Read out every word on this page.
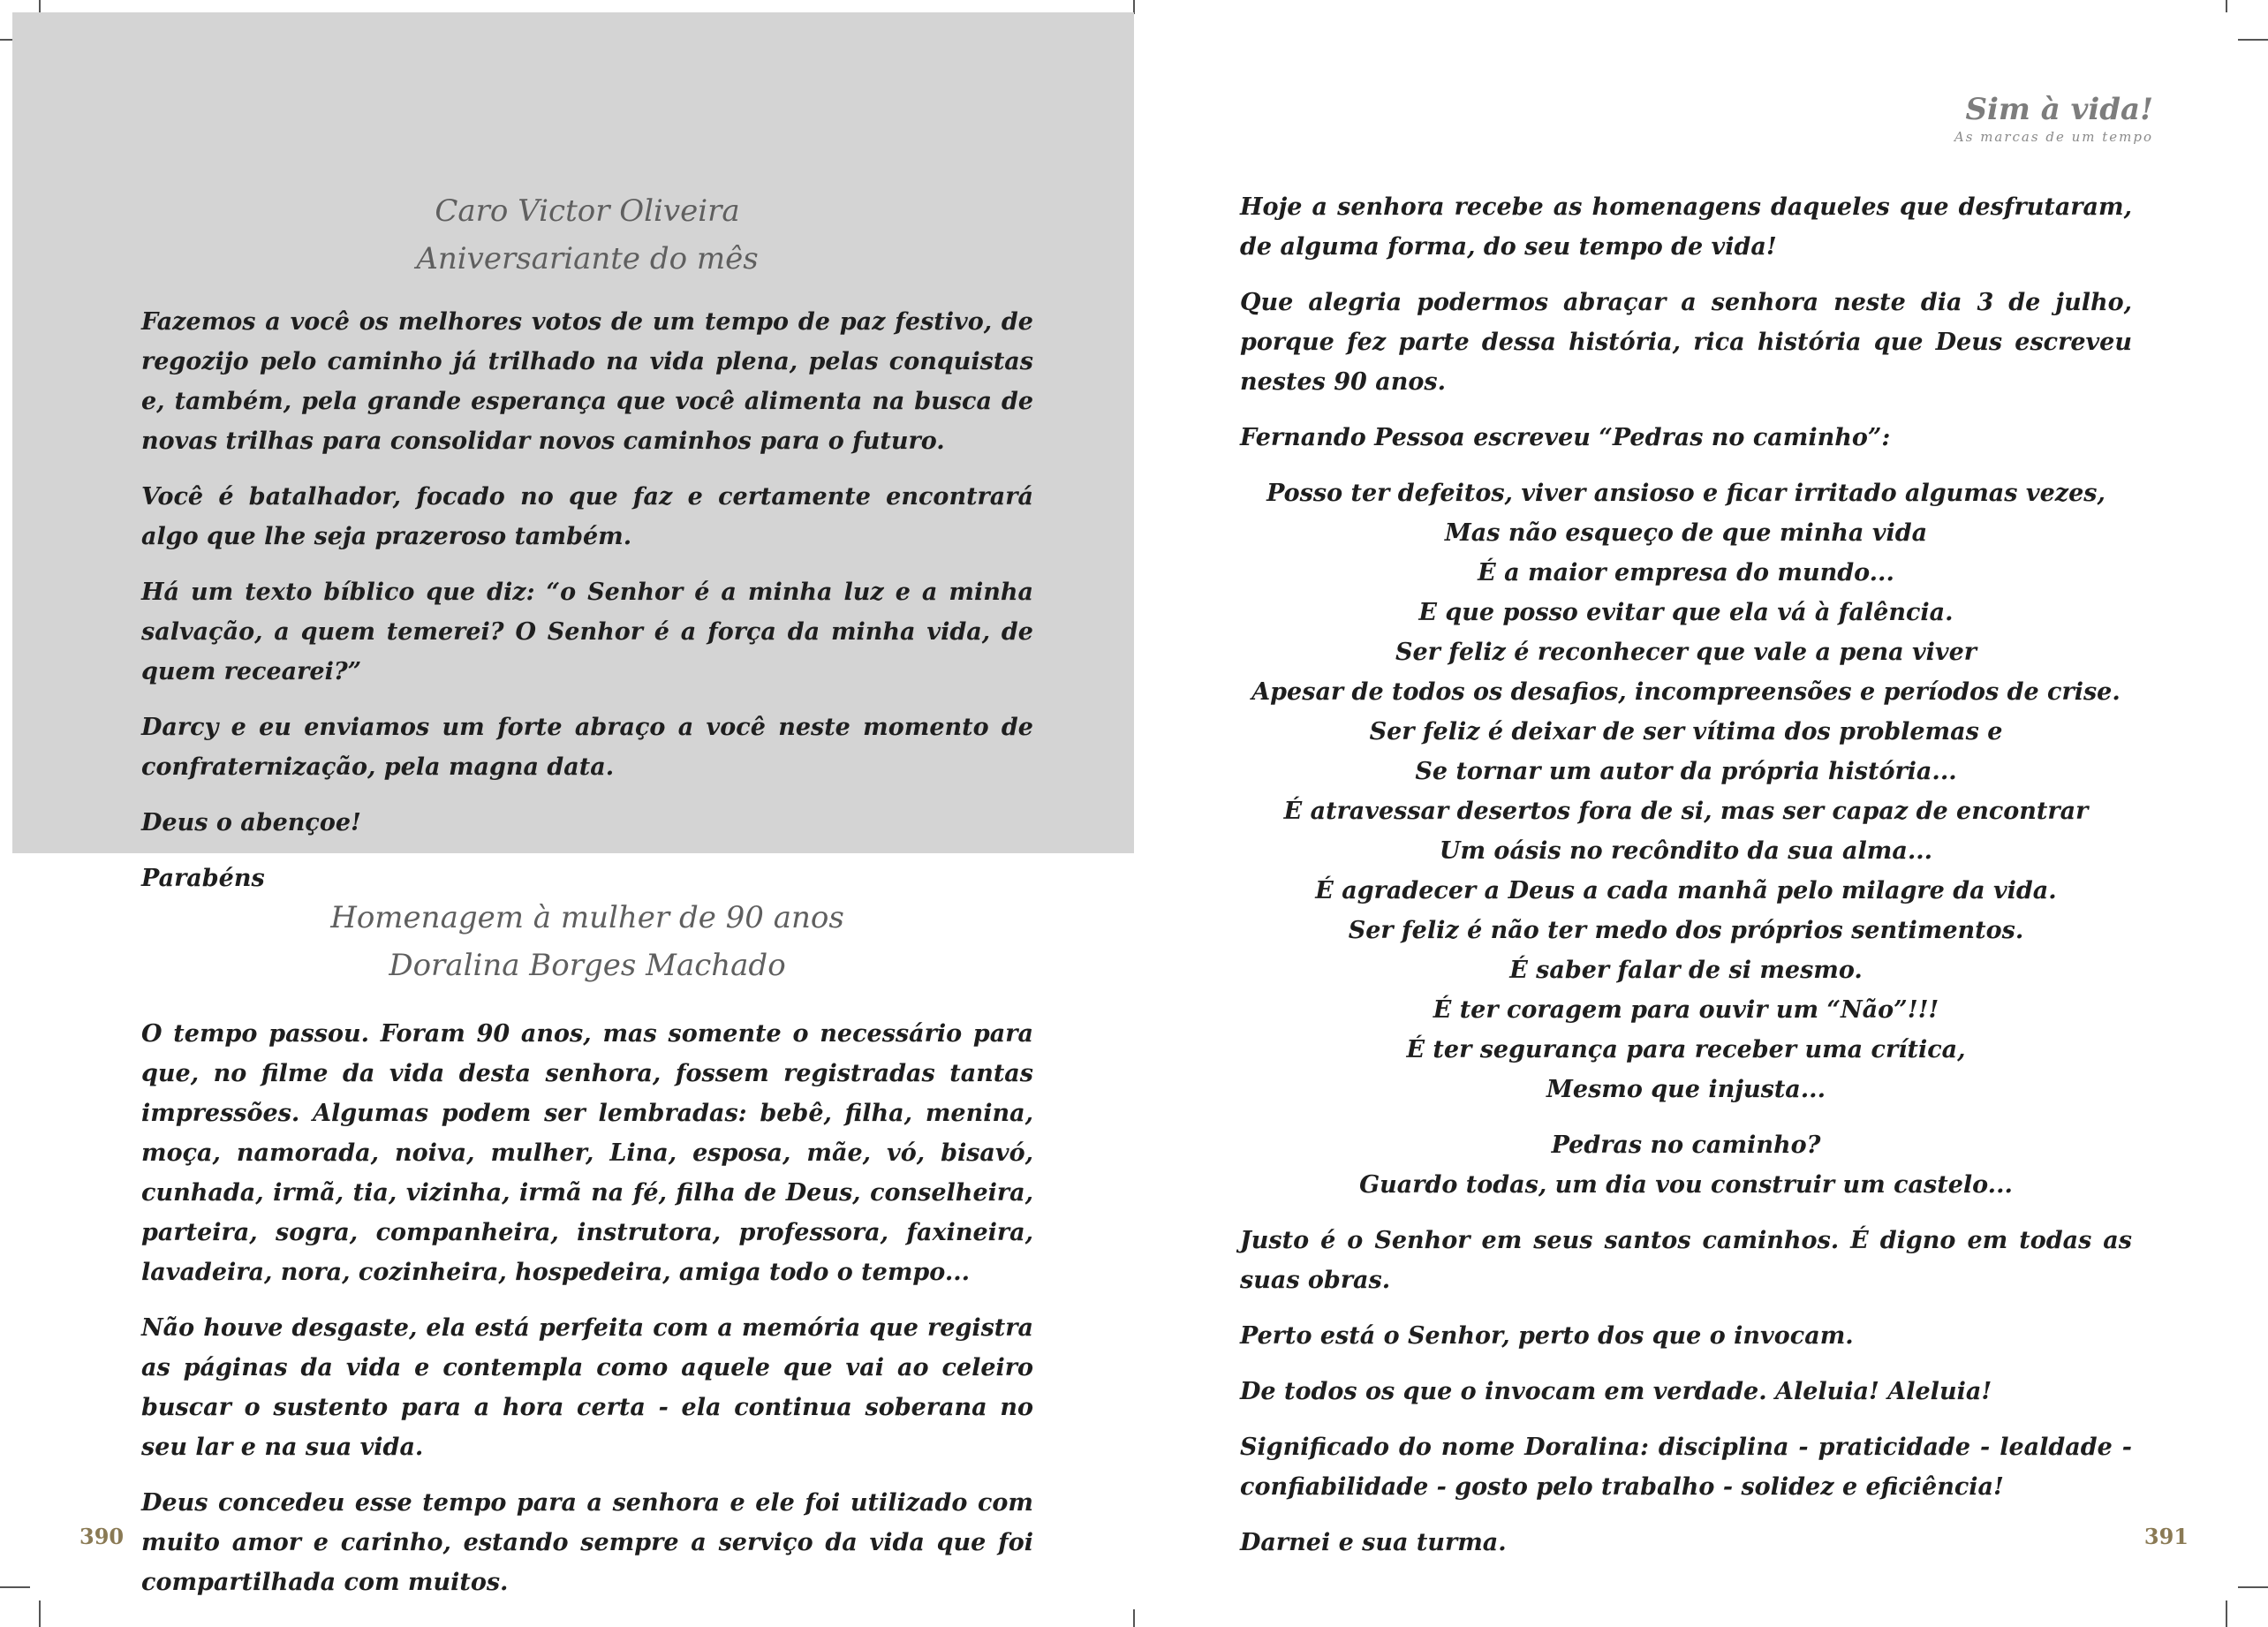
Caro Victor Oliveira
Aniversariante do mês

Fazemos a você os melhores votos de um tempo de paz festivo, de regozijo pelo caminho já trilhado na vida plena, pelas conquistas e, também, pela grande esperança que você alimenta na busca de novas trilhas para consolidar novos caminhos para o futuro.

Você é batalhador, focado no que faz e certamente encontrará algo que lhe seja prazeroso também.

Há um texto bíblico que diz: “o Senhor é a minha luz e a minha salvação, a quem temerei? O Senhor é a força da minha vida, de quem recearei?”

Darcy e eu enviamos um forte abraço a você neste momento de confraternização, pela magna data.

Deus o abençoe!

Parabéns

Homenagem à mulher de 90 anos
Doralina Borges Machado

O tempo passou. Foram 90 anos, mas somente o necessário para que, no filme da vida desta senhora, fossem registradas tantas impressões. Algumas podem ser lembradas: bebê, filha, menina, moça, namorada, noiva, mulher, Lina, esposa, mãe, vó, bisavó, cunhada, irmã, tia, vizinha, irmã na fé, filha de Deus, conselheira, parteira, sogra, companheira, instrutora, professora, faxineira, lavadeira, nora, cozinheira, hospedeira, amiga todo o tempo...

Não houve desgaste, ela está perfeita com a memória que registra as páginas da vida e contempla como aquele que vai ao celeiro buscar o sustento para a hora certa - ela continua soberana no seu lar e na sua vida.

Deus concedeu esse tempo para a senhora e ele foi utilizado com muito amor e carinho, estando sempre a serviço da vida que foi compartilhada com muitos.

390
Sim à vida!
As marcas de um tempo

Hoje a senhora recebe as homenagens daqueles que desfrutaram, de alguma forma, do seu tempo de vida!

Que alegria podermos abraçar a senhora neste dia 3 de julho, porque fez parte dessa história, rica história que Deus escreveu nestes 90 anos.

Fernando Pessoa escreveu “Pedras no caminho”:

Posso ter defeitos, viver ansioso e ficar irritado algumas vezes,
Mas não esqueço de que minha vida
É a maior empresa do mundo...
E que posso evitar que ela vá à falência.
Ser feliz é reconhecer que vale a pena viver
Apesar de todos os desafios, incompreensões e períodos de crise.
Ser feliz é deixar de ser vítima dos problemas e
Se tornar um autor da própria história...
É atravessar desertos fora de si, mas ser capaz de encontrar
Um oásis no recôndito da sua alma...
É agradecer a Deus a cada manhã pelo milagre da vida.
Ser feliz é não ter medo dos próprios sentimentos.
É saber falar de si mesmo.
É ter coragem para ouvir um “Não”!!!
É ter segurança para receber uma crítica,
Mesmo que injusta...
Pedras no caminho?
Guardo todas, um dia vou construir um castelo...

Justo é o Senhor em seus santos caminhos. É digno em todas as suas obras.

Perto está o Senhor, perto dos que o invocam.

De todos os que o invocam em verdade. Aleluia! Aleluia!

Significado do nome Doralina: disciplina - praticidade - lealdade - confiabilidade - gosto pelo trabalho - solidez e eficiência!

Darnei e sua turma.	391
